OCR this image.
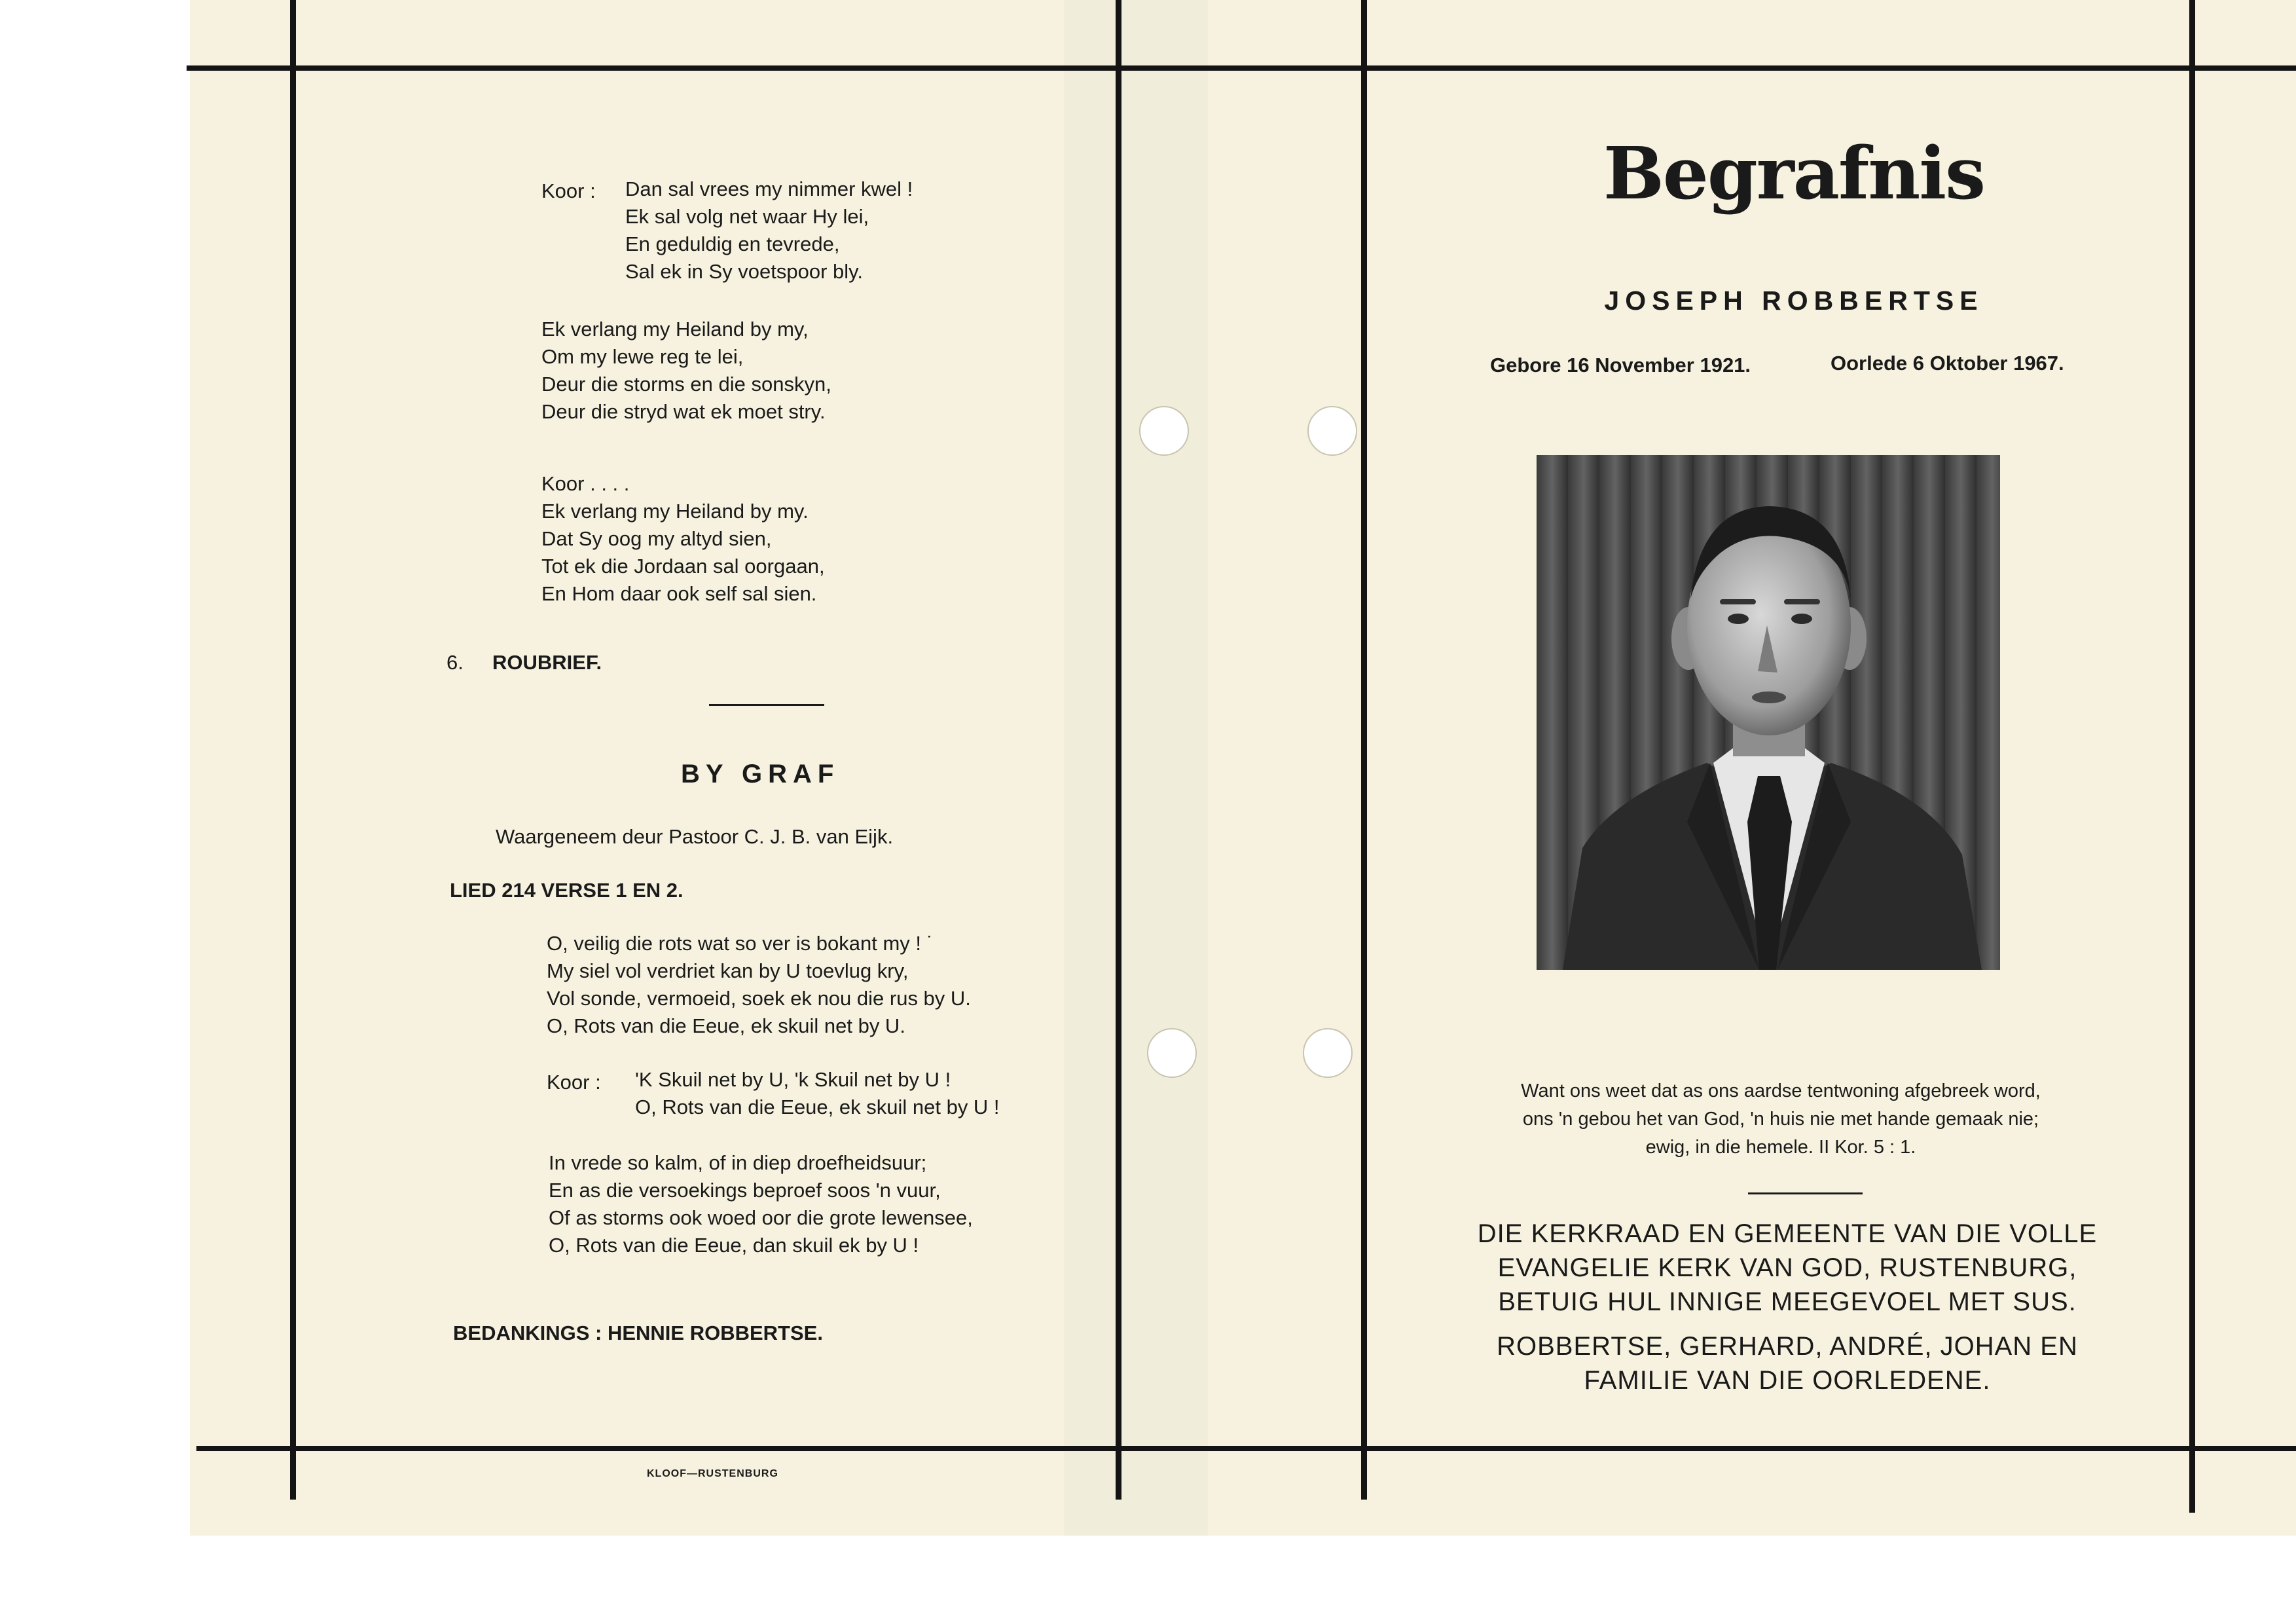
Koor : Dan sal vrees my nimmer kwel !
Ek sal volg net waar Hy lei,
En geduldig en tevrede,
Sal ek in Sy voetspoor bly.
Ek verlang my Heiland by my,
Om my lewe reg te lei,
Deur die storms en die sonskyn,
Deur die stryd wat ek moet stry.
Koor . . . .
Ek verlang my Heiland by my.
Dat Sy oog my altyd sien,
Tot ek die Jordaan sal oorgaan,
En Hom daar ook self sal sien.
6. ROUBRIEF.
BY GRAF
Waargeneem deur Pastoor C. J. B. van Eijk.
LIED 214 VERSE 1 EN 2.
O, veilig die rots wat so ver is bokant my ! ˙
My siel vol verdriet kan by U toevlug kry,
Vol sonde, vermoeid, soek ek nou die rus by U.
O, Rots van die Eeue, ek skuil net by U.
Koor : 'K Skuil net by U, 'k Skuil net by U !
O, Rots van die Eeue, ek skuil net by U !
In vrede so kalm, of in diep droefheidsuur;
En as die versoekings beproef soos 'n vuur,
Of as storms ook woed oor die grote lewensee,
O, Rots van die Eeue, dan skuil ek by U !
BEDANKINGS : HENNIE ROBBERTSE.
KLOOF—RUSTENBURG
Begrafnis
JOSEPH ROBBERTSE
Gebore 16 November 1921.	Oorlede 6 Oktober 1967.
Want ons weet dat as ons aardse tentwoning afgebreek word,
ons 'n gebou het van God, 'n huis nie met hande gemaak nie;
ewig, in die hemele. II Kor. 5 : 1.
DIE KERKRAAD EN GEMEENTE VAN DIE VOLLE
EVANGELIE KERK VAN GOD, RUSTENBURG,
BETUIG HUL INNIGE MEEGEVOEL MET SUS.
ROBBERTSE, GERHARD, ANDRÉ, JOHAN EN
FAMILIE VAN DIE OORLEDENE.
